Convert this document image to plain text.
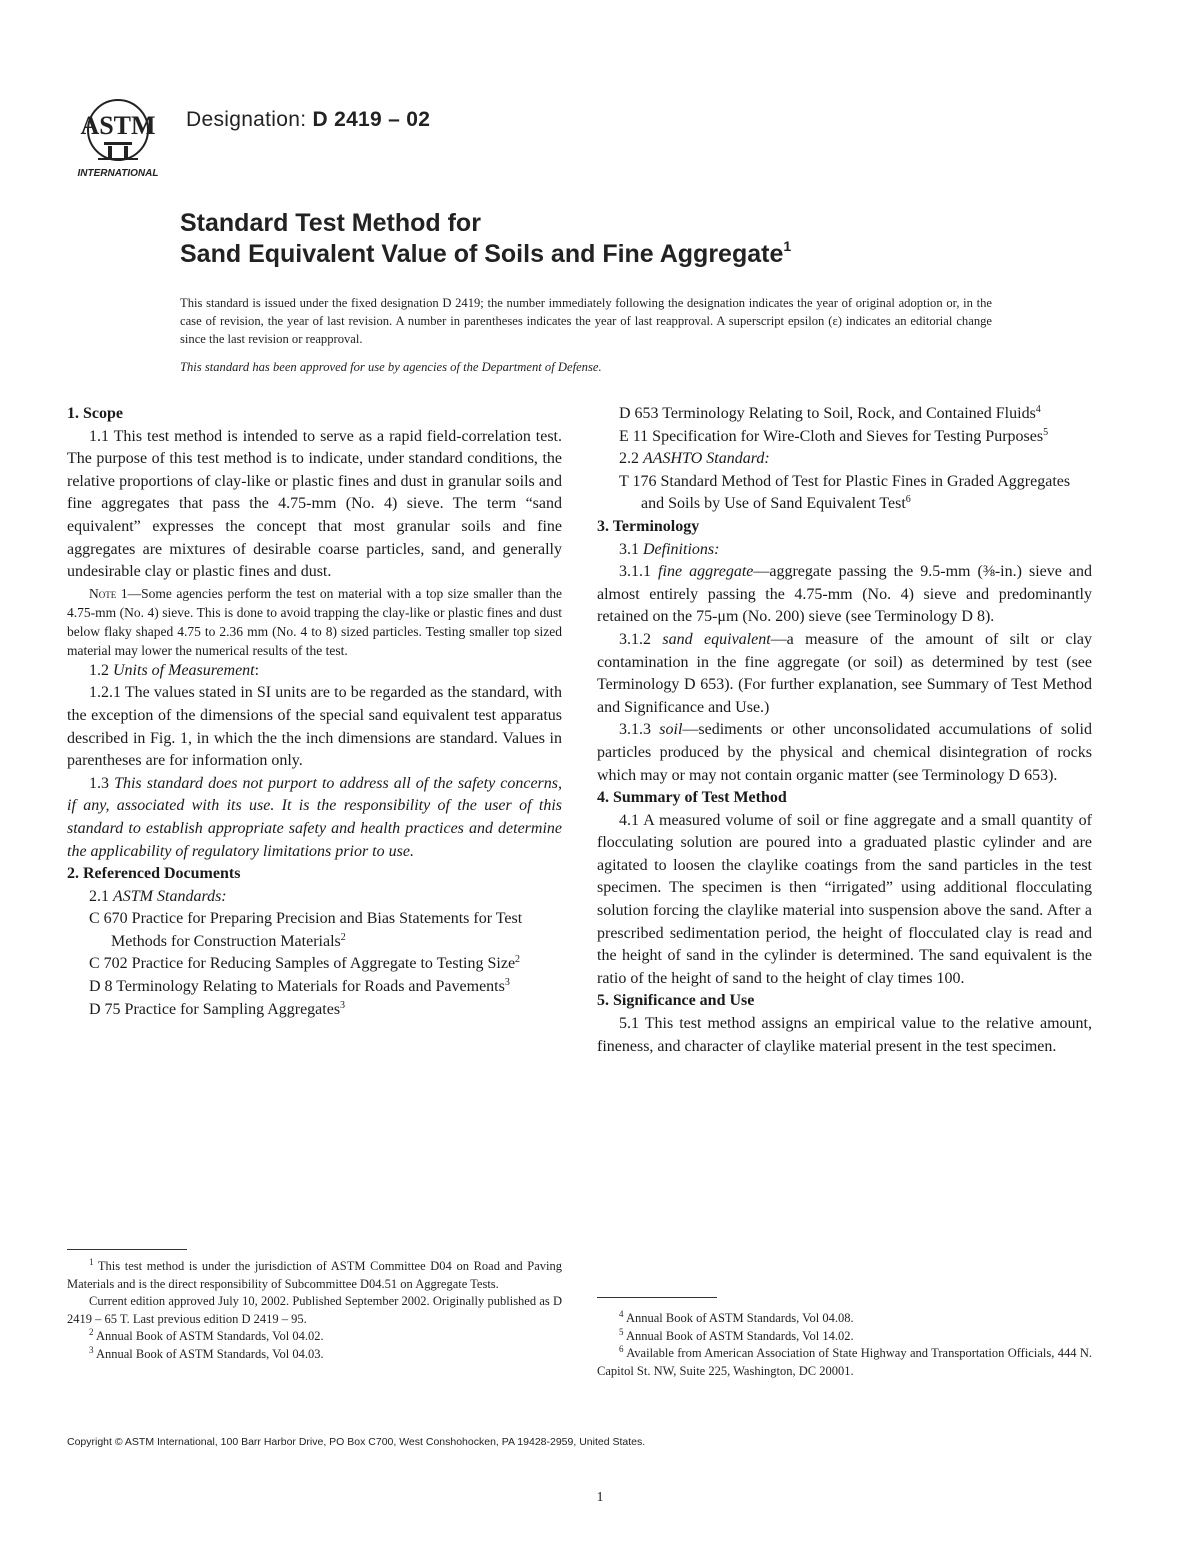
ASTM
INTERNATIONAL
Designation: D 2419 – 02
Standard Test Method for
Sand Equivalent Value of Soils and Fine Aggregate$^1$
This standard is issued under the fixed designation D 2419; the number immediately following the designation indicates the year of original adoption or, in the case of revision, the year of last revision. A number in parentheses indicates the year of last reapproval. A superscript epsilon (ε) indicates an editorial change since the last revision or reapproval.
This standard has been approved for use by agencies of the Department of Defense.

1. Scope

1.1 This test method is intended to serve as a rapid field-correlation test. The purpose of this test method is to indicate, under standard conditions, the relative proportions of clay-like or plastic fines and dust in granular soils and fine aggregates that pass the 4.75-mm (No. 4) sieve. The term “sand equivalent” expresses the concept that most granular soils and fine aggregates are mixtures of desirable coarse particles, sand, and generally undesirable clay or plastic fines and dust.

Note 1—Some agencies perform the test on material with a top size smaller than the 4.75-mm (No. 4) sieve. This is done to avoid trapping the clay-like or plastic fines and dust below flaky shaped 4.75 to 2.36 mm (No. 4 to 8) sized particles. Testing smaller top sized material may lower the numerical results of the test.

1.2 Units of Measurement:

1.2.1 The values stated in SI units are to be regarded as the standard, with the exception of the dimensions of the special sand equivalent test apparatus described in Fig. 1, in which the the inch dimensions are standard. Values in parentheses are for information only.

1.3 This standard does not purport to address all of the safety concerns, if any, associated with its use. It is the responsibility of the user of this standard to establish appropriate safety and health practices and determine the applicability of regulatory limitations prior to use.

2. Referenced Documents

2.1 ASTM Standards:

C 670 Practice for Preparing Precision and Bias Statements for Test Methods for Construction Materials$^2$

C 702 Practice for Reducing Samples of Aggregate to Testing Size$^2$

D 8 Terminology Relating to Materials for Roads and Pavements$^3$

D 75 Practice for Sampling Aggregates$^3$

$^1$ This test method is under the jurisdiction of ASTM Committee D04 on Road and Paving Materials and is the direct responsibility of Subcommittee D04.51 on Aggregate Tests.

Current edition approved July 10, 2002. Published September 2002. Originally published as D 2419 – 65 T. Last previous edition D 2419 – 95.

$^2$ Annual Book of ASTM Standards, Vol 04.02.

$^3$ Annual Book of ASTM Standards, Vol 04.03.

D 653 Terminology Relating to Soil, Rock, and Contained Fluids$^4$

E 11 Specification for Wire-Cloth and Sieves for Testing Purposes$^5$

2.2 AASHTO Standard:

T 176 Standard Method of Test for Plastic Fines in Graded Aggregates and Soils by Use of Sand Equivalent Test$^6$

3. Terminology

3.1 Definitions:

3.1.1 fine aggregate—aggregate passing the 9.5-mm (⅜-in.) sieve and almost entirely passing the 4.75-mm (No. 4) sieve and predominantly retained on the 75-μm (No. 200) sieve (see Terminology D 8).

3.1.2 sand equivalent—a measure of the amount of silt or clay contamination in the fine aggregate (or soil) as determined by test (see Terminology D 653). (For further explanation, see Summary of Test Method and Significance and Use.)

3.1.3 soil—sediments or other unconsolidated accumulations of solid particles produced by the physical and chemical disintegration of rocks which may or may not contain organic matter (see Terminology D 653).

4. Summary of Test Method

4.1 A measured volume of soil or fine aggregate and a small quantity of flocculating solution are poured into a graduated plastic cylinder and are agitated to loosen the claylike coatings from the sand particles in the test specimen. The specimen is then “irrigated” using additional flocculating solution forcing the claylike material into suspension above the sand. After a prescribed sedimentation period, the height of flocculated clay is read and the height of sand in the cylinder is determined. The sand equivalent is the ratio of the height of sand to the height of clay times 100.

5. Significance and Use

5.1 This test method assigns an empirical value to the relative amount, fineness, and character of claylike material present in the test specimen.

$^4$ Annual Book of ASTM Standards, Vol 04.08.

$^5$ Annual Book of ASTM Standards, Vol 14.02.

$^6$ Available from American Association of State Highway and Transportation Officials, 444 N. Capitol St. NW, Suite 225, Washington, DC 20001.

Copyright © ASTM International, 100 Barr Harbor Drive, PO Box C700, West Conshohocken, PA 19428-2959, United States.
1
